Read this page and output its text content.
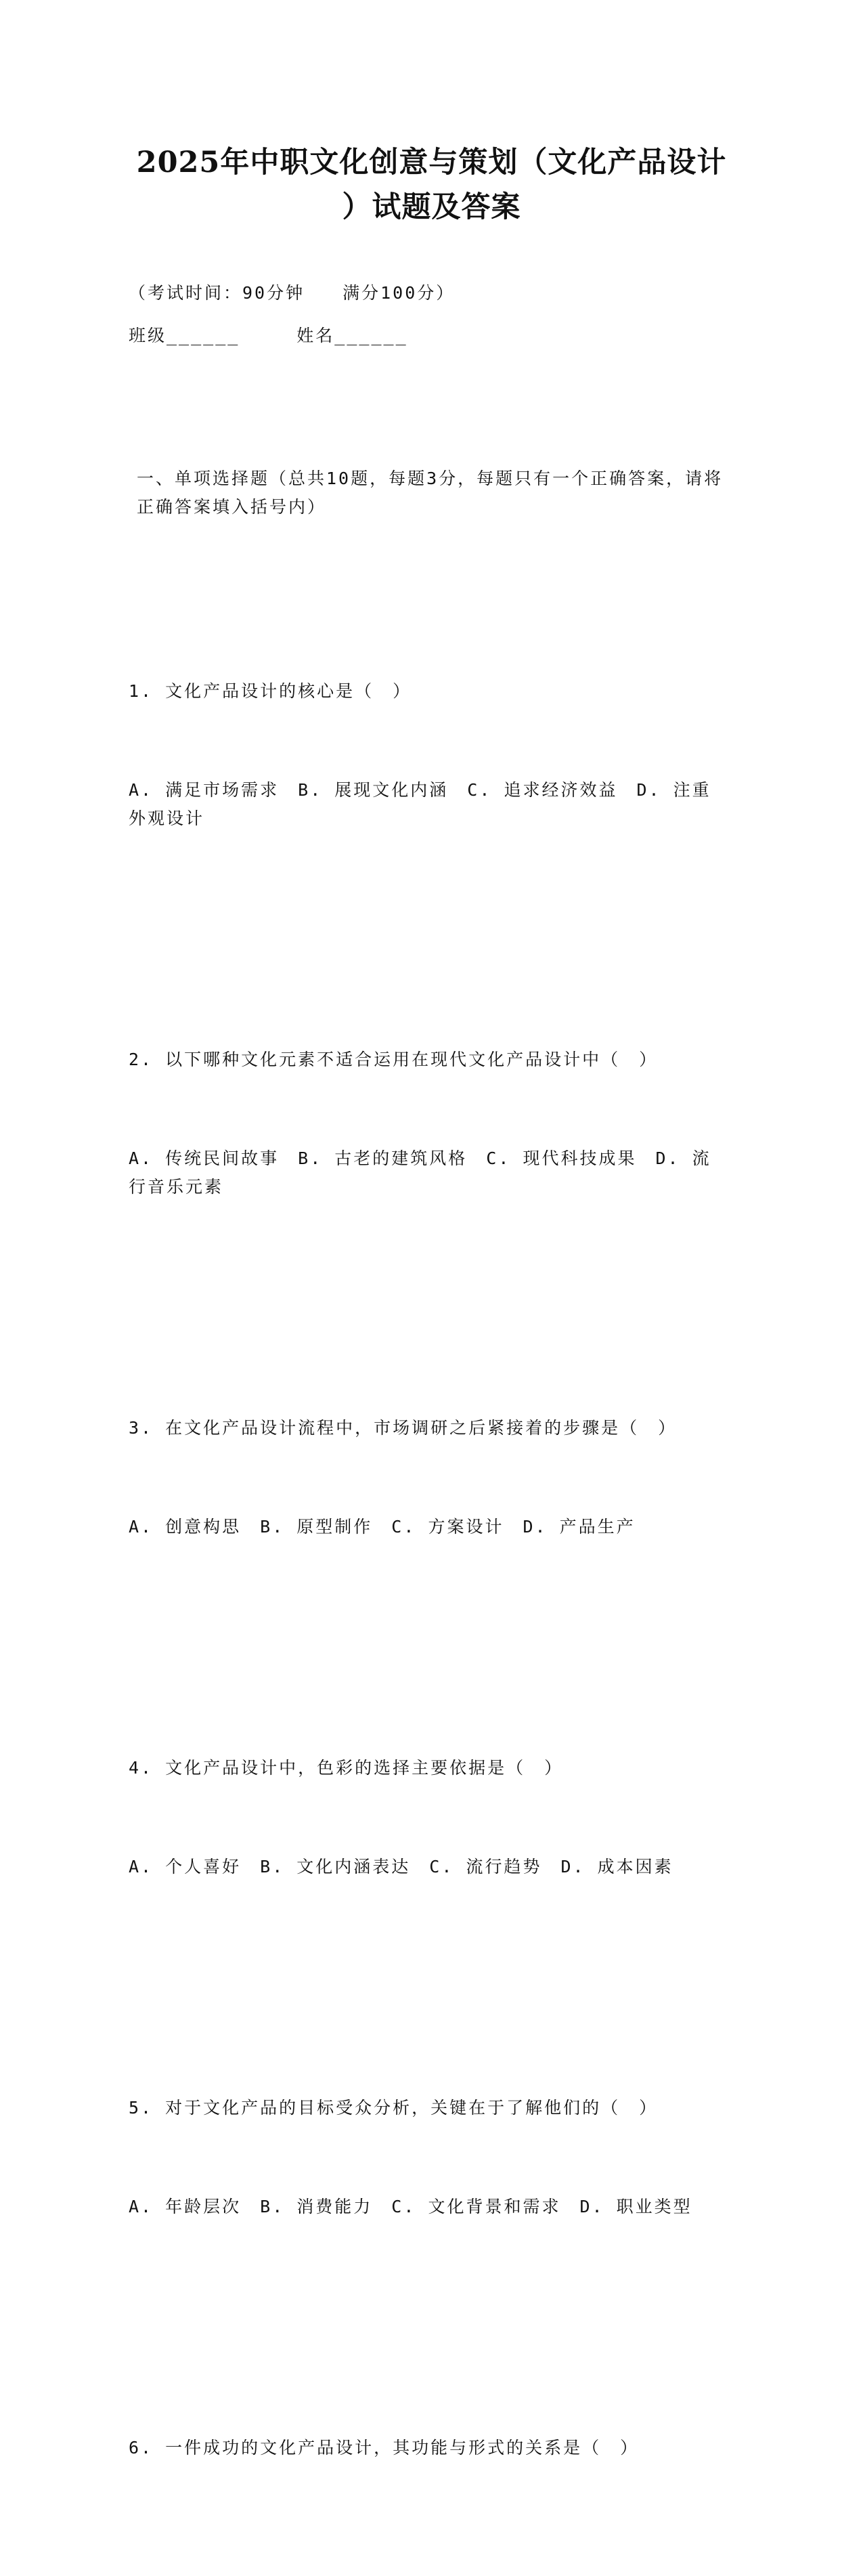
2025年中职文化创意与策划（文化产品设计
）试题及答案
（考试时间：90分钟　　满分100分）
班级______　　　姓名______

一、单项选择题（总共10题，每题3分，每题只有一个正确答案，请将正确答案填入括号内）

1. 文化产品设计的核心是（　）

A. 满足市场需求　B. 展现文化内涵　C. 追求经济效益　D. 注重外观设计

2. 以下哪种文化元素不适合运用在现代文化产品设计中（　）

A. 传统民间故事　B. 古老的建筑风格　C. 现代科技成果　D. 流行音乐元素

3. 在文化产品设计流程中，市场调研之后紧接着的步骤是（　）

A. 创意构思　B. 原型制作　C. 方案设计　D. 产品生产

4. 文化产品设计中，色彩的选择主要依据是（　）

A. 个人喜好　B. 文化内涵表达　C. 流行趋势　D. 成本因素

5. 对于文化产品的目标受众分析，关键在于了解他们的（　）

A. 年龄层次　B. 消费能力　C. 文化背景和需求　D. 职业类型

6. 一件成功的文化产品设计，其功能与形式的关系是（　）
